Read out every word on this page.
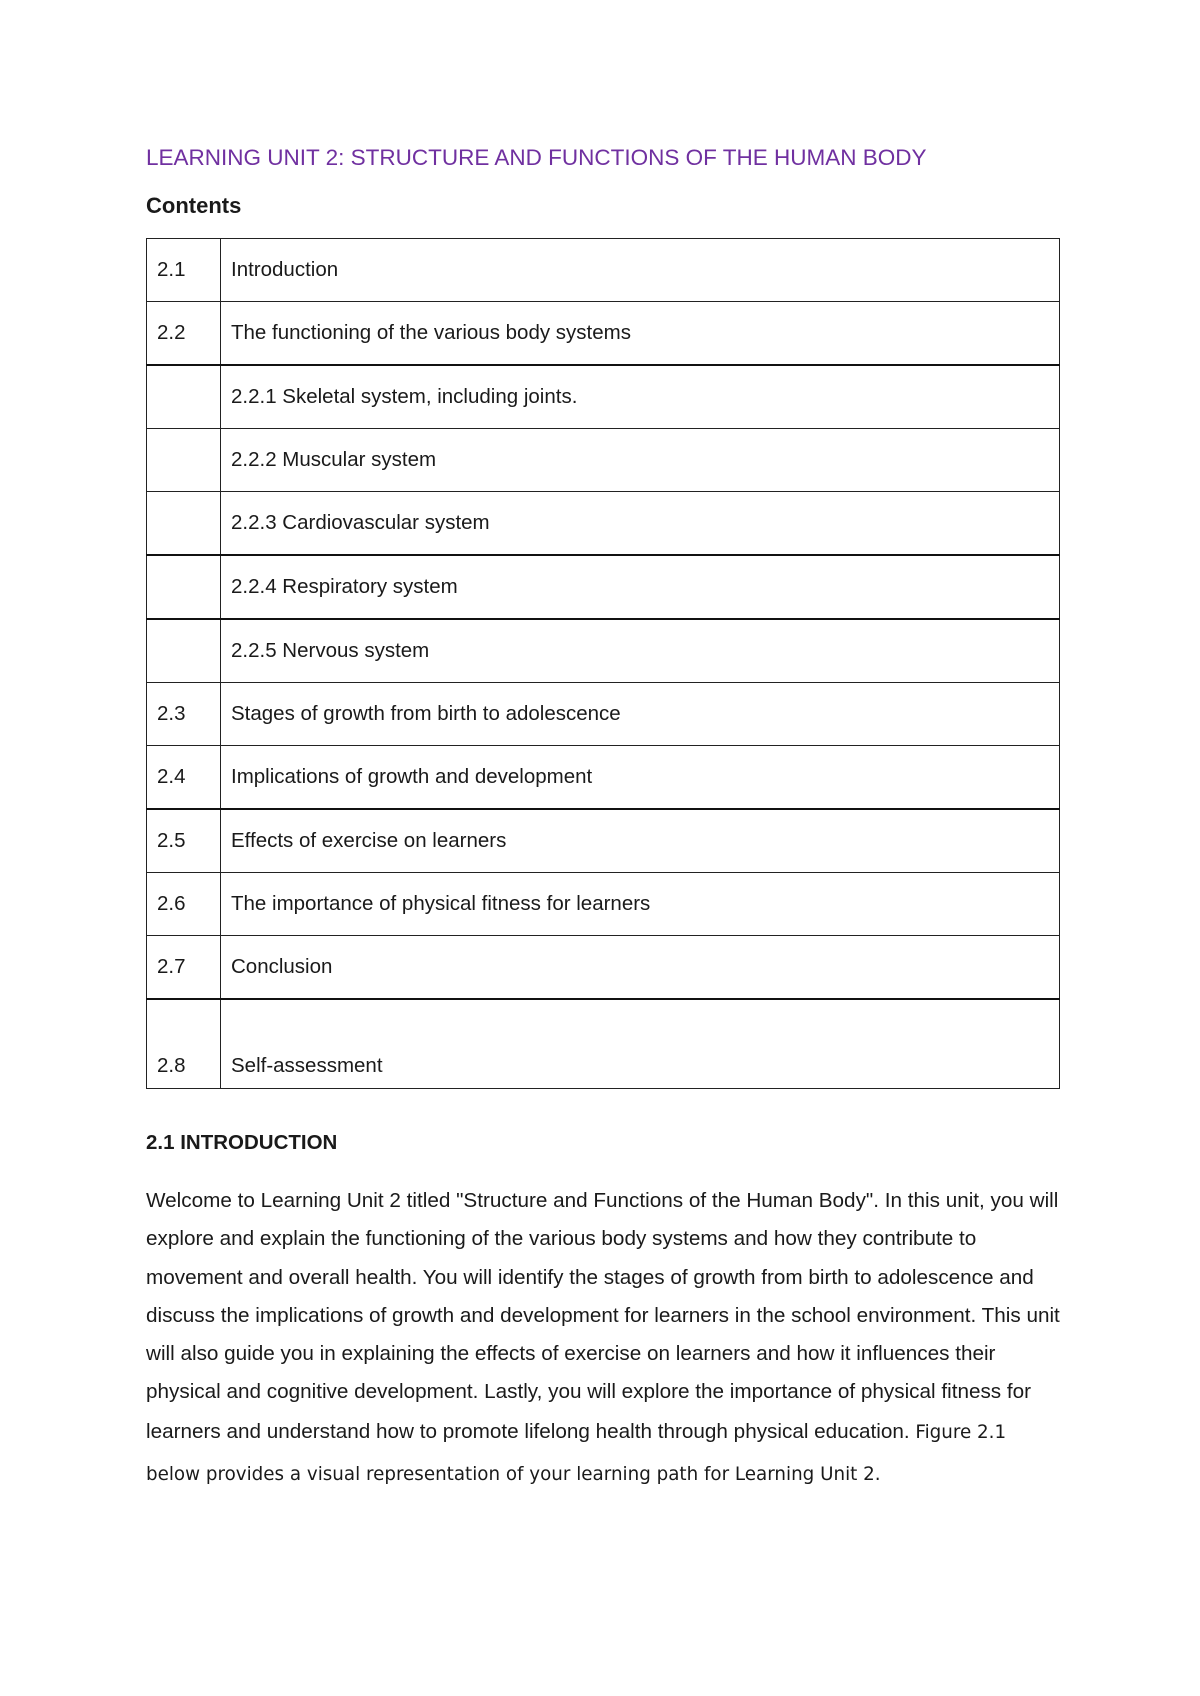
LEARNING UNIT 2: STRUCTURE AND FUNCTIONS OF THE HUMAN BODY
Contents
2.1	Introduction
2.2	The functioning of the various body systems
	2.2.1 Skeletal system, including joints.
	2.2.2 Muscular system
	2.2.3 Cardiovascular system
	2.2.4 Respiratory system
	2.2.5 Nervous system
2.3	Stages of growth from birth to adolescence
2.4	Implications of growth and development
2.5	Effects of exercise on learners
2.6	The importance of physical fitness for learners
2.7	Conclusion
2.8	Self-assessment
2.1 INTRODUCTION
Welcome to Learning Unit 2 titled "Structure and Functions of the Human Body". In this unit, you will explore and explain the functioning of the various body systems and how they contribute to movement and overall health. You will identify the stages of growth from birth to adolescence and discuss the implications of growth and development for learners in the school environment. This unit will also guide you in explaining the effects of exercise on learners and how it influences their physical and cognitive development. Lastly, you will explore the importance of physical fitness for learners and understand how to promote lifelong health through physical education. Figure 2.1 below provides a visual representation of your learning path for Learning Unit 2.
